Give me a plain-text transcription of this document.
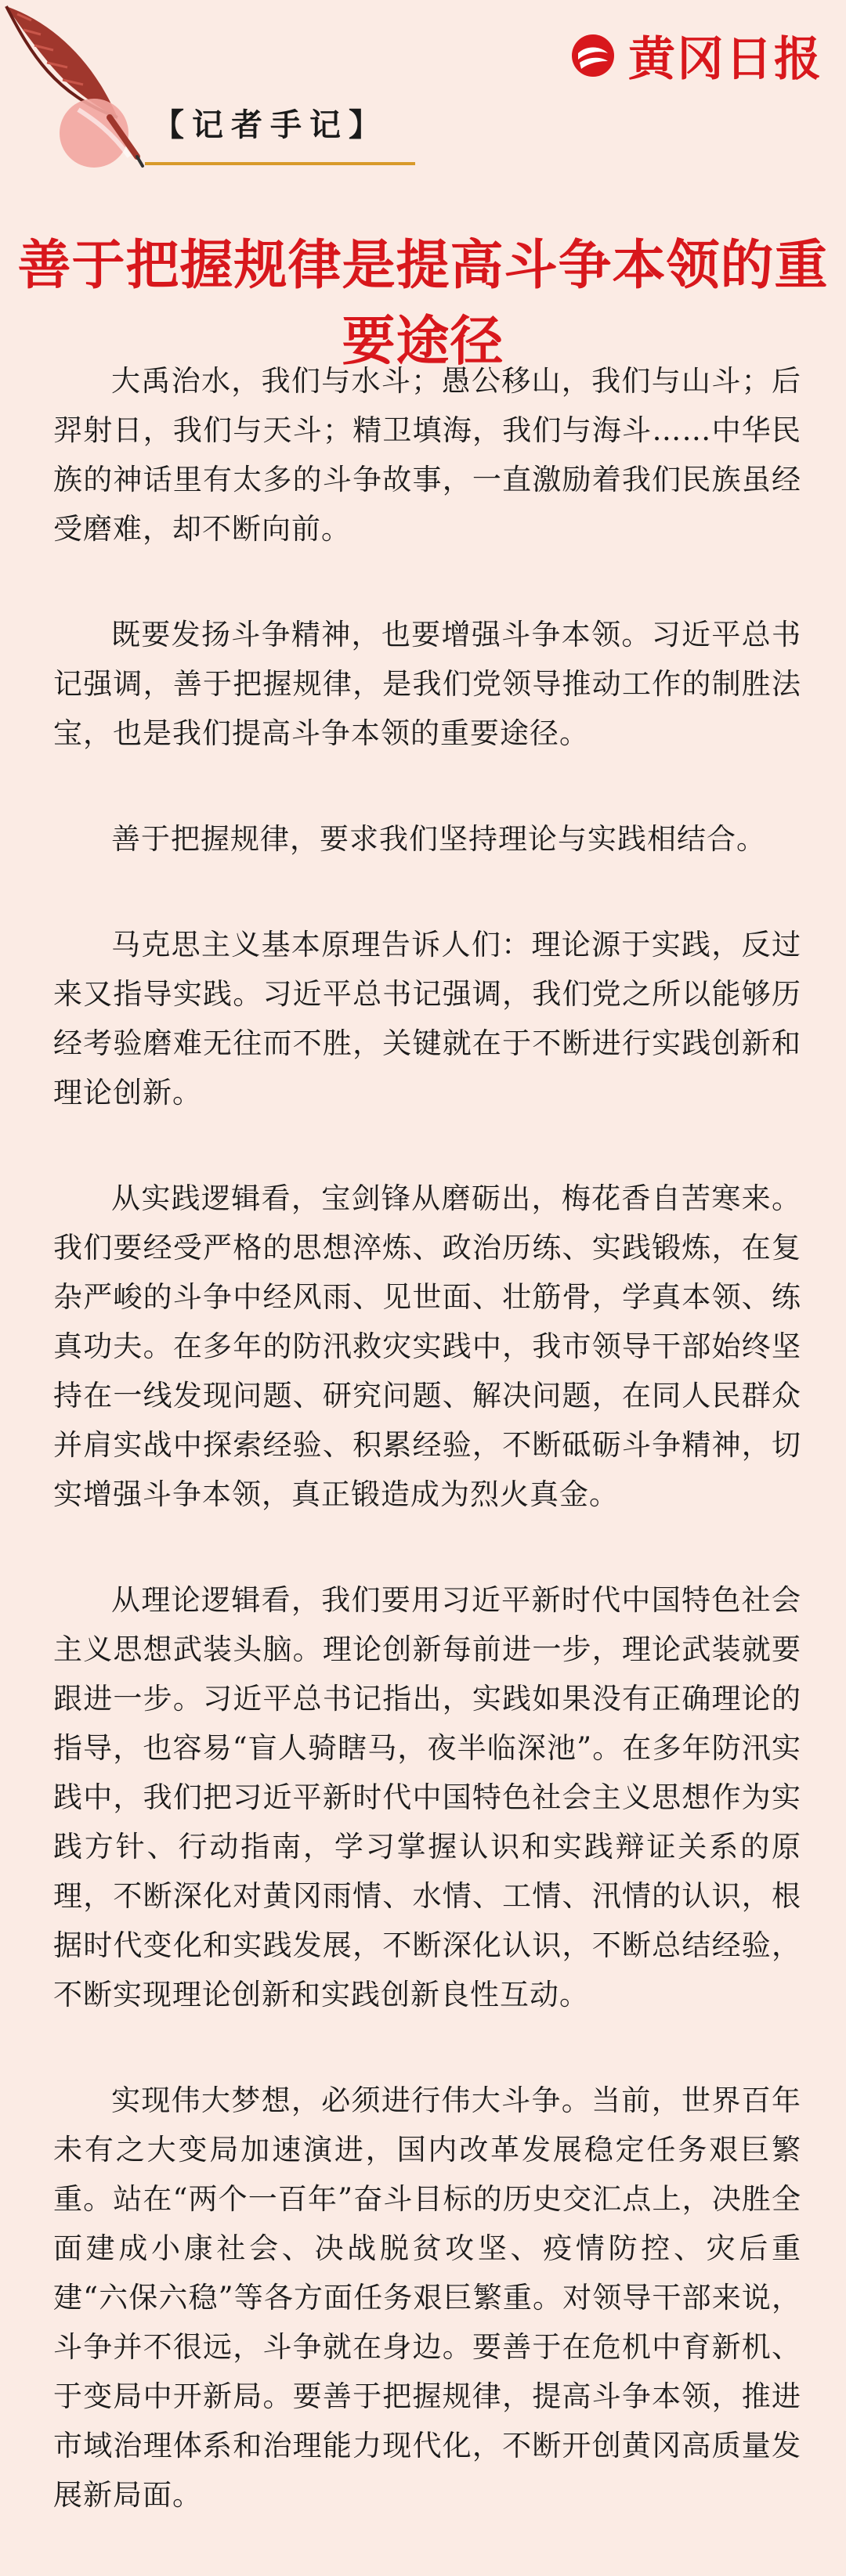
黄冈日报
【记者手记】
善于把握规律是提高斗争本领的重要途径

大禹治水，我们与水斗；愚公移山，我们与山斗；后羿射日，我们与天斗；精卫填海，我们与海斗……中华民族的神话里有太多的斗争故事，一直激励着我们民族虽经受磨难，却不断向前。

既要发扬斗争精神，也要增强斗争本领。习近平总书记强调，善于把握规律，是我们党领导推动工作的制胜法宝，也是我们提高斗争本领的重要途径。

善于把握规律，要求我们坚持理论与实践相结合。

马克思主义基本原理告诉人们：理论源于实践，反过来又指导实践。习近平总书记强调，我们党之所以能够历经考验磨难无往而不胜，关键就在于不断进行实践创新和理论创新。

从实践逻辑看，宝剑锋从磨砺出，梅花香自苦寒来。我们要经受严格的思想淬炼、政治历练、实践锻炼，在复杂严峻的斗争中经风雨、见世面、壮筋骨，学真本领、练真功夫。在多年的防汛救灾实践中，我市领导干部始终坚持在一线发现问题、研究问题、解决问题，在同人民群众并肩实战中探索经验、积累经验，不断砥砺斗争精神，切实增强斗争本领，真正锻造成为烈火真金。

从理论逻辑看，我们要用习近平新时代中国特色社会主义思想武装头脑。理论创新每前进一步，理论武装就要跟进一步。习近平总书记指出，实践如果没有正确理论的指导，也容易“盲人骑瞎马，夜半临深池”。在多年防汛实践中，我们把习近平新时代中国特色社会主义思想作为实践方针、行动指南，学习掌握认识和实践辩证关系的原理，不断深化对黄冈雨情、水情、工情、汛情的认识，根据时代变化和实践发展，不断深化认识，不断总结经验，不断实现理论创新和实践创新良性互动。

实现伟大梦想，必须进行伟大斗争。当前，世界百年未有之大变局加速演进，国内改革发展稳定任务艰巨繁重。站在“两个一百年”奋斗目标的历史交汇点上，决胜全面建成小康社会、决战脱贫攻坚、疫情防控、灾后重建“六保六稳”等各方面任务艰巨繁重。对领导干部来说，斗争并不很远，斗争就在身边。要善于在危机中育新机、于变局中开新局。要善于把握规律，提高斗争本领，推进市域治理体系和治理能力现代化，不断开创黄冈高质量发展新局面。
